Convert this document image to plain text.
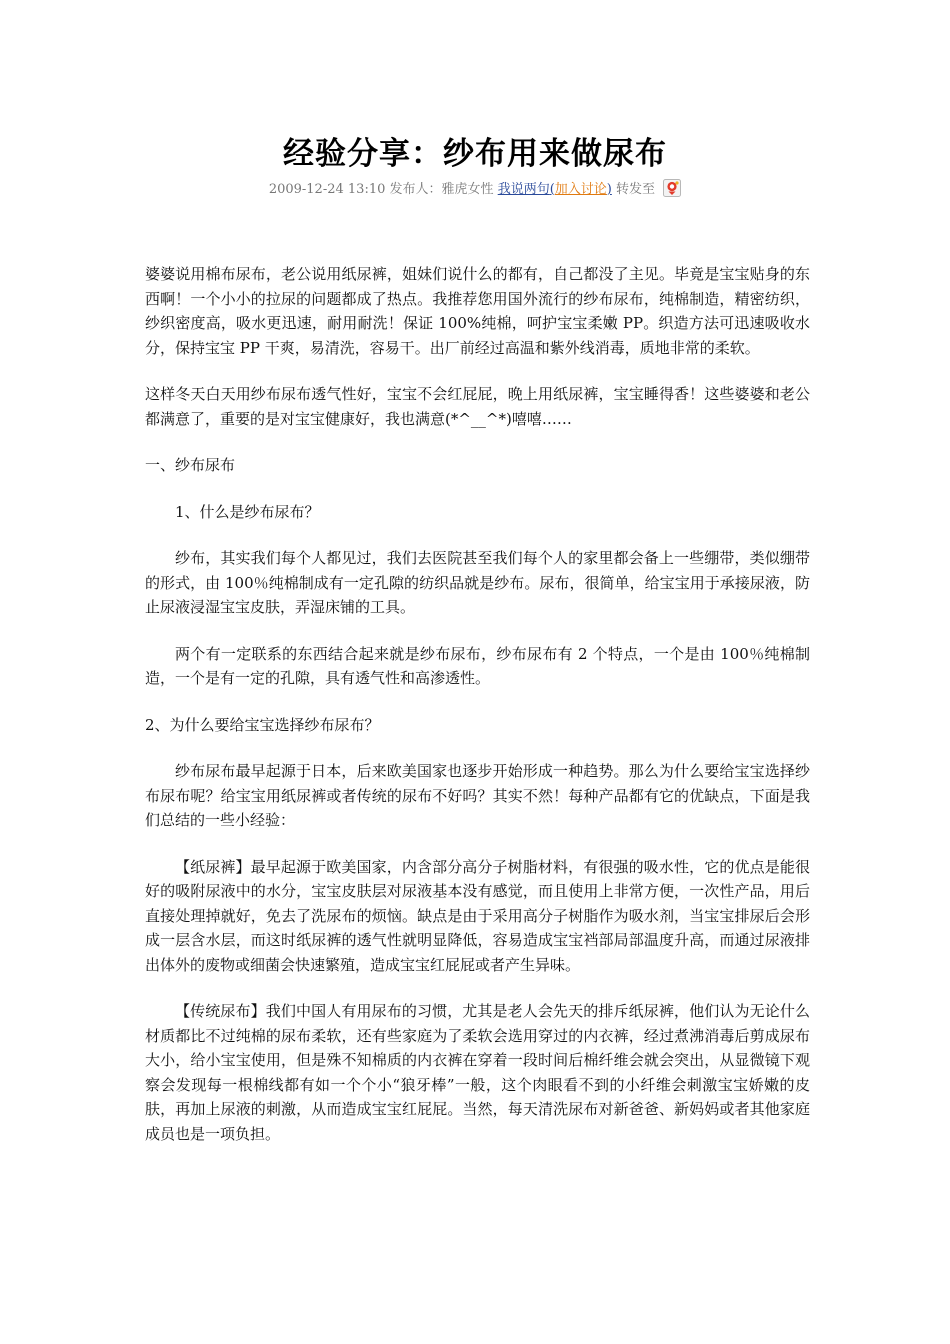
经验分享：纱布用来做尿布
2009-12-24 13:10 发布人：雅虎女性 我说两句(加入讨论) 转发至

婆婆说用棉布尿布，老公说用纸尿裤，姐妹们说什么的都有，自己都没了主见。毕竟是宝宝贴身的东西啊！一个小小的拉尿的问题都成了热点。我推荐您用国外流行的纱布尿布，纯棉制造，精密纺织，纱织密度高，吸水更迅速，耐用耐洗！保证 100%纯棉，呵护宝宝柔嫩 PP。织造方法可迅速吸收水分，保持宝宝 PP 干爽，易清洗，容易干。出厂前经过高温和紫外线消毒，质地非常的柔软。

这样冬天白天用纱布尿布透气性好，宝宝不会红屁屁，晚上用纸尿裤，宝宝睡得香！这些婆婆和老公都满意了，重要的是对宝宝健康好，我也满意(*^__^*)嘻嘻……

一、纱布尿布

1、什么是纱布尿布？

纱布，其实我们每个人都见过，我们去医院甚至我们每个人的家里都会备上一些绷带，类似绷带的形式，由 100％纯棉制成有一定孔隙的纺织品就是纱布。尿布，很简单，给宝宝用于承接尿液，防止尿液浸湿宝宝皮肤，弄湿床铺的工具。

两个有一定联系的东西结合起来就是纱布尿布，纱布尿布有 2 个特点，一个是由 100％纯棉制造，一个是有一定的孔隙，具有透气性和高渗透性。

2、为什么要给宝宝选择纱布尿布？

纱布尿布最早起源于日本，后来欧美国家也逐步开始形成一种趋势。那么为什么要给宝宝选择纱布尿布呢？给宝宝用纸尿裤或者传统的尿布不好吗？其实不然！每种产品都有它的优缺点，下面是我们总结的一些小经验：

【纸尿裤】最早起源于欧美国家，内含部分高分子树脂材料，有很强的吸水性，它的优点是能很好的吸附尿液中的水分，宝宝皮肤层对尿液基本没有感觉，而且使用上非常方便，一次性产品，用后直接处理掉就好，免去了洗尿布的烦恼。缺点是由于采用高分子树脂作为吸水剂，当宝宝排尿后会形成一层含水层，而这时纸尿裤的透气性就明显降低，容易造成宝宝裆部局部温度升高，而通过尿液排出体外的废物或细菌会快速繁殖，造成宝宝红屁屁或者产生异味。

【传统尿布】我们中国人有用尿布的习惯，尤其是老人会先天的排斥纸尿裤，他们认为无论什么材质都比不过纯棉的尿布柔软，还有些家庭为了柔软会选用穿过的内衣裤，经过煮沸消毒后剪成尿布大小，给小宝宝使用，但是殊不知棉质的内衣裤在穿着一段时间后棉纤维会就会突出，从显微镜下观察会发现每一根棉线都有如一个个小“狼牙棒”一般，这个肉眼看不到的小纤维会刺激宝宝娇嫩的皮肤，再加上尿液的刺激，从而造成宝宝红屁屁。当然，每天清洗尿布对新爸爸、新妈妈或者其他家庭成员也是一项负担。
